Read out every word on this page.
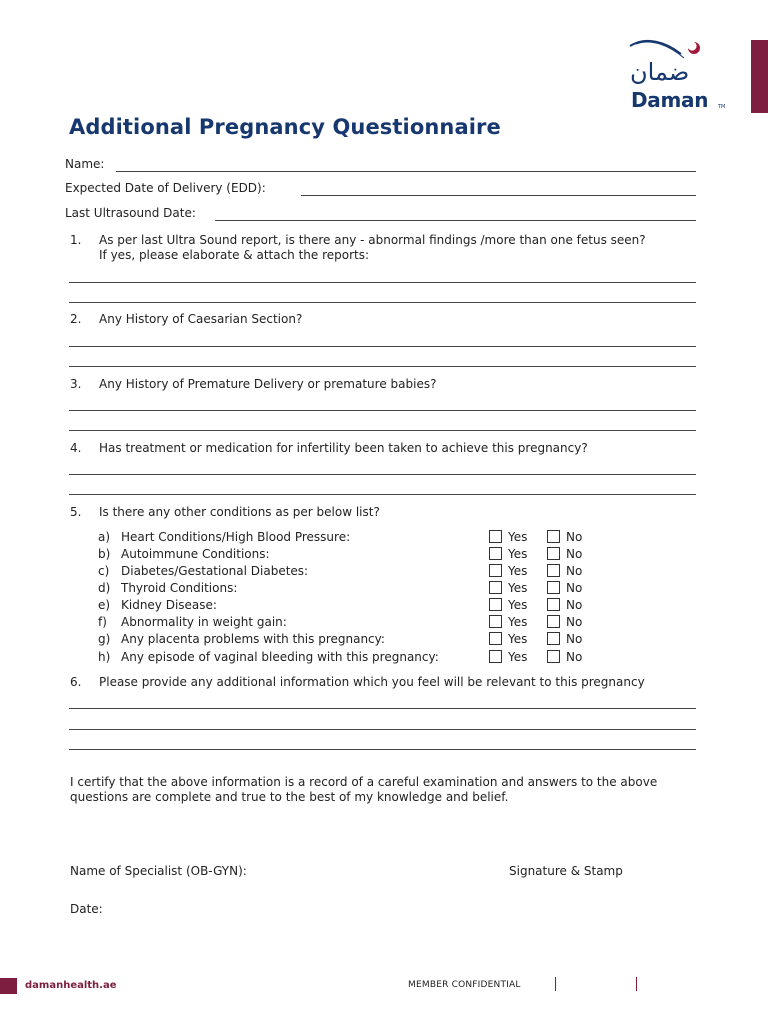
ضمان
Daman TM
Additional Pregnancy Questionnaire
Name:
Expected Date of Delivery (EDD):
Last Ultrasound Date:
1. As per last Ultra Sound report, is there any - abnormal findings /more than one fetus seen?
If yes, please elaborate & attach the reports:
2. Any History of Caesarian Section?
3. Any History of Premature Delivery or premature babies?
4. Has treatment or medication for infertility been taken to achieve this pregnancy?
5. Is there any other conditions as per below list?
a) Heart Conditions/High Blood Pressure:	Yes	No
b) Autoimmune Conditions:	Yes	No
c) Diabetes/Gestational Diabetes:	Yes	No
d) Thyroid Conditions:	Yes	No
e) Kidney Disease:	Yes	No
f) Abnormality in weight gain:	Yes	No
g) Any placenta problems with this pregnancy:	Yes	No
h) Any episode of vaginal bleeding with this pregnancy:	Yes	No
6. Please provide any additional information which you feel will be relevant to this pregnancy
I certify that the above information is a record of a careful examination and answers to the above
questions are complete and true to the best of my knowledge and belief.
Name of Specialist (OB-GYN):	Signature & Stamp
Date:
damanhealth.ae	MEMBER CONFIDENTIAL
